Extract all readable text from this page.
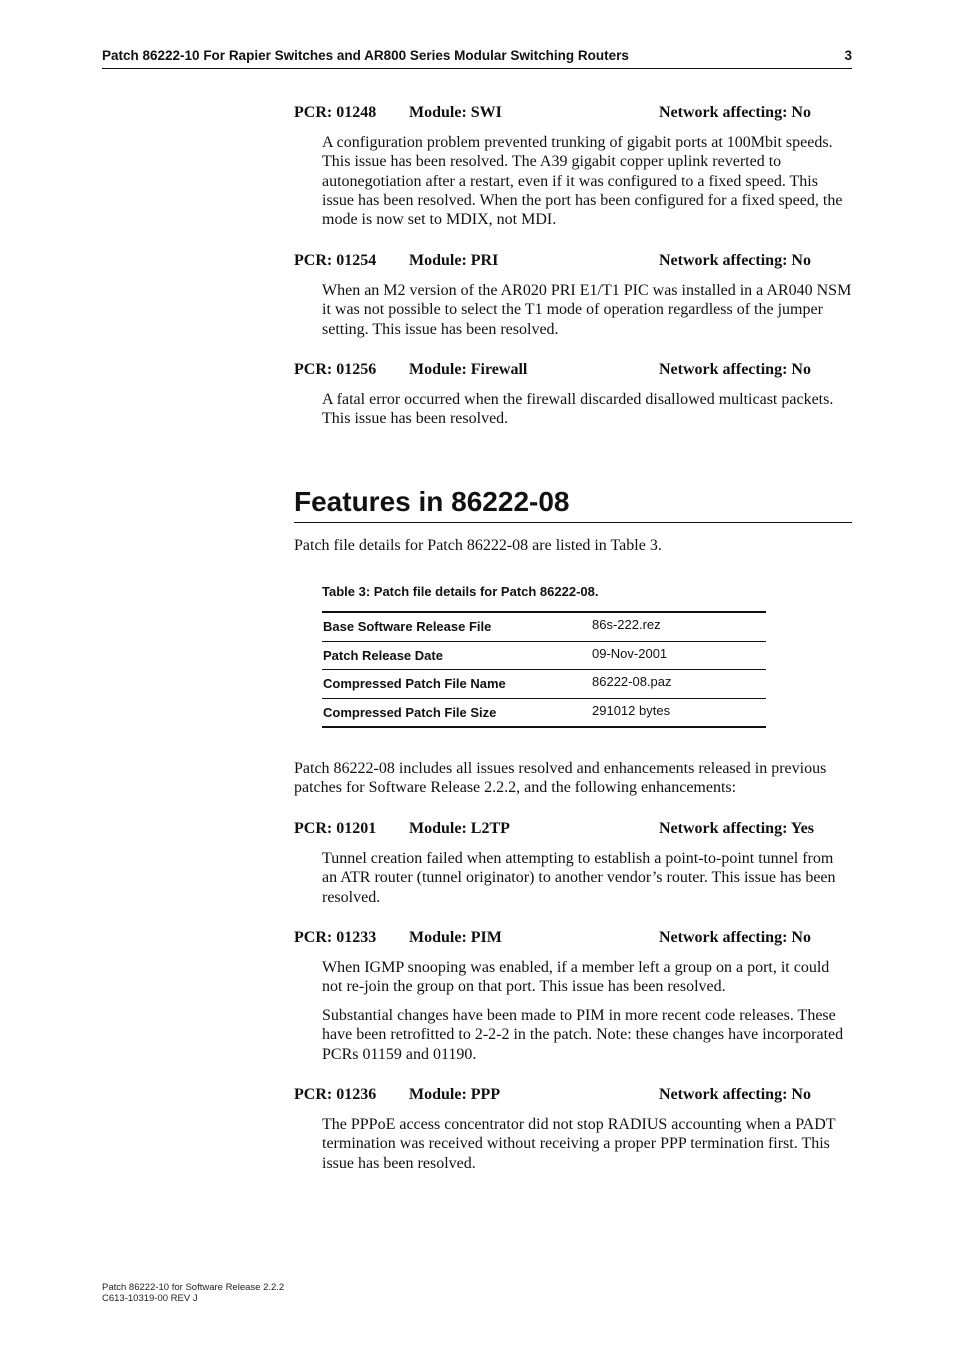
Patch 86222-10 For Rapier Switches and AR800 Series Modular Switching Routers	3
PCR: 01248 Module: SWI	Network affecting: No
A configuration problem prevented trunking of gigabit ports at 100Mbit speeds. This issue has been resolved. The A39 gigabit copper uplink reverted to autonegotiation after a restart, even if it was configured to a fixed speed. This issue has been resolved. When the port has been configured for a fixed speed, the mode is now set to MDIX, not MDI.
PCR: 01254 Module: PRI	Network affecting: No
When an M2 version of the AR020 PRI E1/T1 PIC was installed in a AR040 NSM it was not possible to select the T1 mode of operation regardless of the jumper setting. This issue has been resolved.
PCR: 01256 Module: Firewall	Network affecting: No
A fatal error occurred when the firewall discarded disallowed multicast packets. This issue has been resolved.
Features in 86222-08
Patch file details for Patch 86222-08 are listed in Table 3.
Table 3: Patch file details for Patch 86222-08.
Base Software Release File	86s-222.rez
Patch Release Date	09-Nov-2001
Compressed Patch File Name	86222-08.paz
Compressed Patch File Size	291012 bytes
Patch 86222-08 includes all issues resolved and enhancements released in previous patches for Software Release 2.2.2, and the following enhancements:
PCR: 01201 Module: L2TP	Network affecting: Yes
Tunnel creation failed when attempting to establish a point-to-point tunnel from an ATR router (tunnel originator) to another vendor’s router. This issue has been resolved.
PCR: 01233 Module: PIM	Network affecting: No
When IGMP snooping was enabled, if a member left a group on a port, it could not re-join the group on that port. This issue has been resolved.
Substantial changes have been made to PIM in more recent code releases. These have been retrofitted to 2-2-2 in the patch. Note: these changes have incorporated PCRs 01159 and 01190.
PCR: 01236 Module: PPP	Network affecting: No
The PPPoE access concentrator did not stop RADIUS accounting when a PADT termination was received without receiving a proper PPP termination first. This issue has been resolved.
Patch 86222-10 for Software Release 2.2.2
C613-10319-00 REV J
